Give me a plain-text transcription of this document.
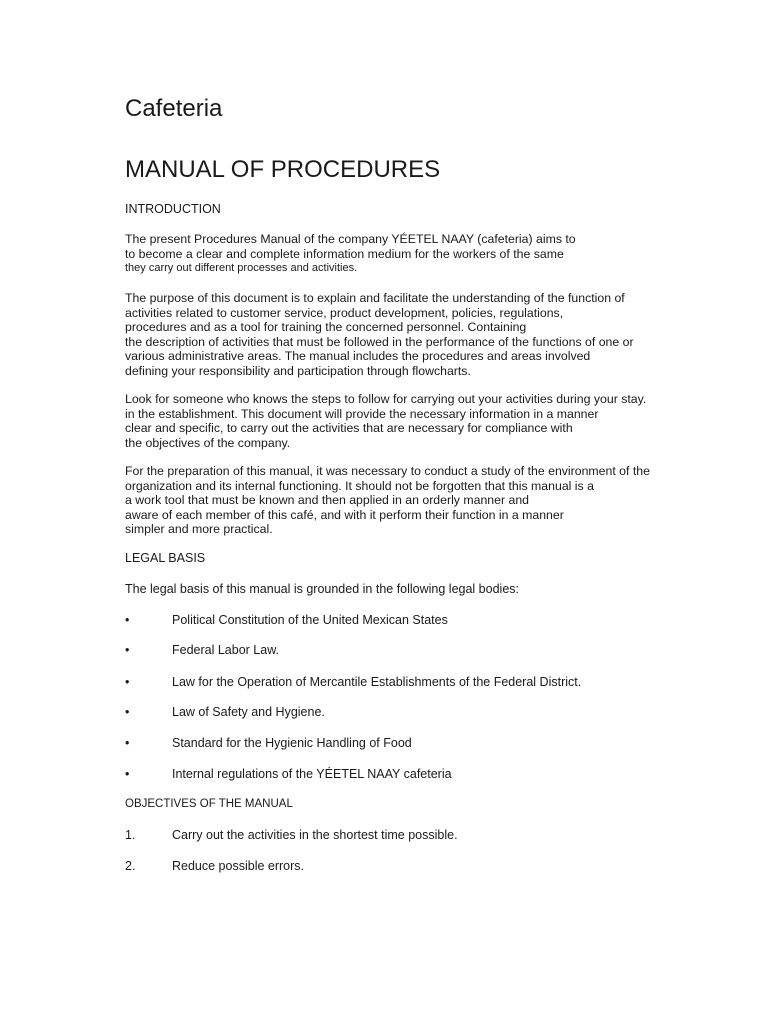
Cafeteria
MANUAL OF PROCEDURES
INTRODUCTION

The present Procedures Manual of the company YÉETEL NAAY (cafeteria) aims to
to become a clear and complete information medium for the workers of the same
they carry out different processes and activities.

The purpose of this document is to explain and facilitate the understanding of the function of
activities related to customer service, product development, policies, regulations,
procedures and as a tool for training the concerned personnel. Containing
the description of activities that must be followed in the performance of the functions of one or
various administrative areas. The manual includes the procedures and areas involved
defining your responsibility and participation through flowcharts.

Look for someone who knows the steps to follow for carrying out your activities during your stay.
in the establishment. This document will provide the necessary information in a manner
clear and specific, to carry out the activities that are necessary for compliance with
the objectives of the company.

For the preparation of this manual, it was necessary to conduct a study of the environment of the
organization and its internal functioning. It should not be forgotten that this manual is a
a work tool that must be known and then applied in an orderly manner and
aware of each member of this café, and with it perform their function in a manner
simpler and more practical.

LEGAL BASIS
The legal basis of this manual is grounded in the following legal bodies:
•	Political Constitution of the United Mexican States
•	Federal Labor Law.
•	Law for the Operation of Mercantile Establishments of the Federal District.
•	Law of Safety and Hygiene.
•	Standard for the Hygienic Handling of Food
•	Internal regulations of the YÉETEL NAAY cafeteria
OBJECTIVES OF THE MANUAL
1.	Carry out the activities in the shortest time possible.
2.	Reduce possible errors.
